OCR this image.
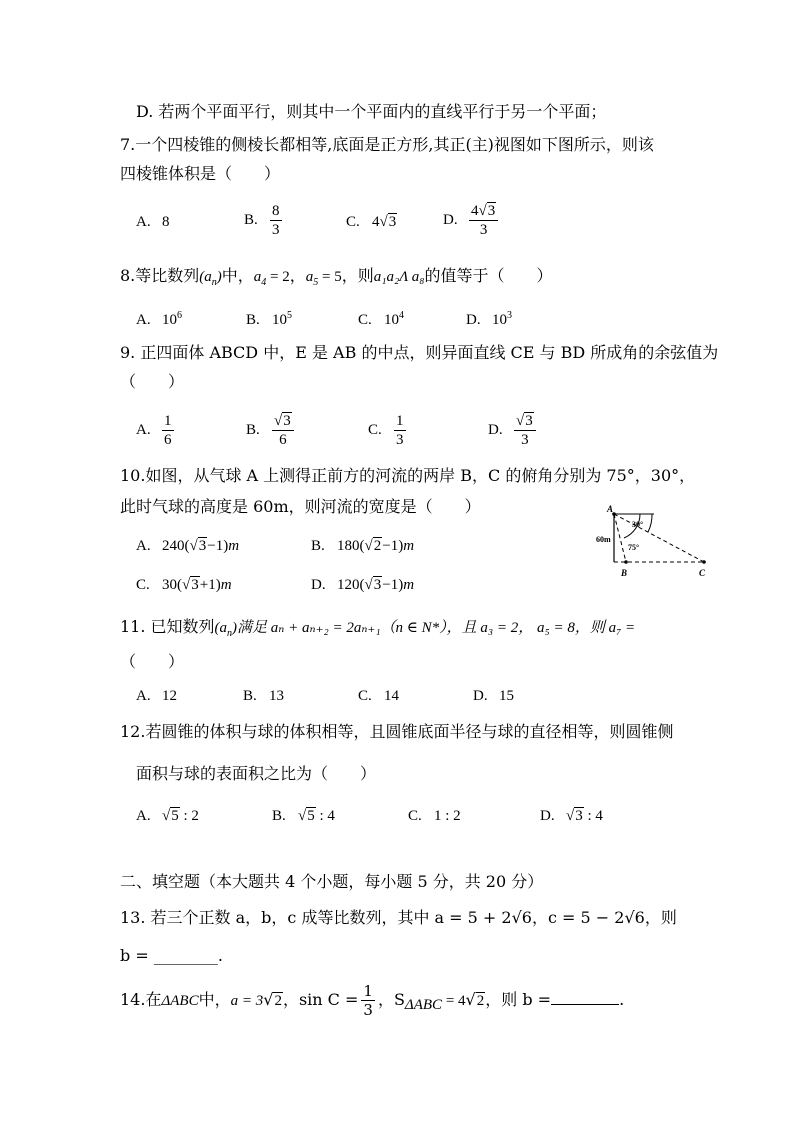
D. 若两个平面平行，则其中一个平面内的直线平行于另一个平面；
7.一个四棱锥的侧棱长都相等,底面是正方形,其正(主)视图如下图所示，则该
四棱锥体积是（　　）
A. 8	B. $\frac{8}{3}$	C. 4√3	D. $\frac{4√3}{3}$
8.等比数列$(a_n)$中，$a_4 = 2$，$a_5 = 5$，则a₁a₂Λ a₈的值等于（　　）
A. $10^6$	B. $10^5$	C. $10^4$	D. $10^3$
9. 正四面体 ABCD 中，E 是 AB 的中点，则异面直线 CE 与 BD 所成角的余弦值为
（　　）
A. $\frac{1}{6}$	B. $\frac{√3}{6}$	C. $\frac{1}{3}$	D. $\frac{√3}{3}$
10.如图，从气球 A 上测得正前方的河流的两岸 B，C 的俯角分别为 75°，30°，
此时气球的高度是 60m，则河流的宽度是（　　）
A. 240(√3−1)m	B. 180(√2−1)m
C. 30(√3+1)m	D. 120(√3−1)m
A
B	C
60m
30°
75°
11. 已知数列$(a_n)$满足 aₙ + aₙ₊₂ = 2aₙ₊₁（n ∈ N*），且 a₃ = 2， a₅ = 8，则 a₇ =
（　　）
A. 12	B. 13	C. 14	D. 15
12.若圆锥的体积与球的体积相等，且圆锥底面半径与球的直径相等，则圆锥侧
面积与球的表面积之比为（　　）
A. √5 : 2	B. √5 : 4	C. 1 : 2	D. √3 : 4
二、填空题（本大题共 4 个小题，每小题 5 分，共 20 分）
13. 若三个正数 a，b，c 成等比数列，其中 a = 5 + 2√6，c = 5 − 2√6，则
b = ________.
14.在ΔABC中，a = 3√2，$\sin C = \frac{1}{3}$ ，$S_{\Delta ABC} = 4√2$，则 b =	.
